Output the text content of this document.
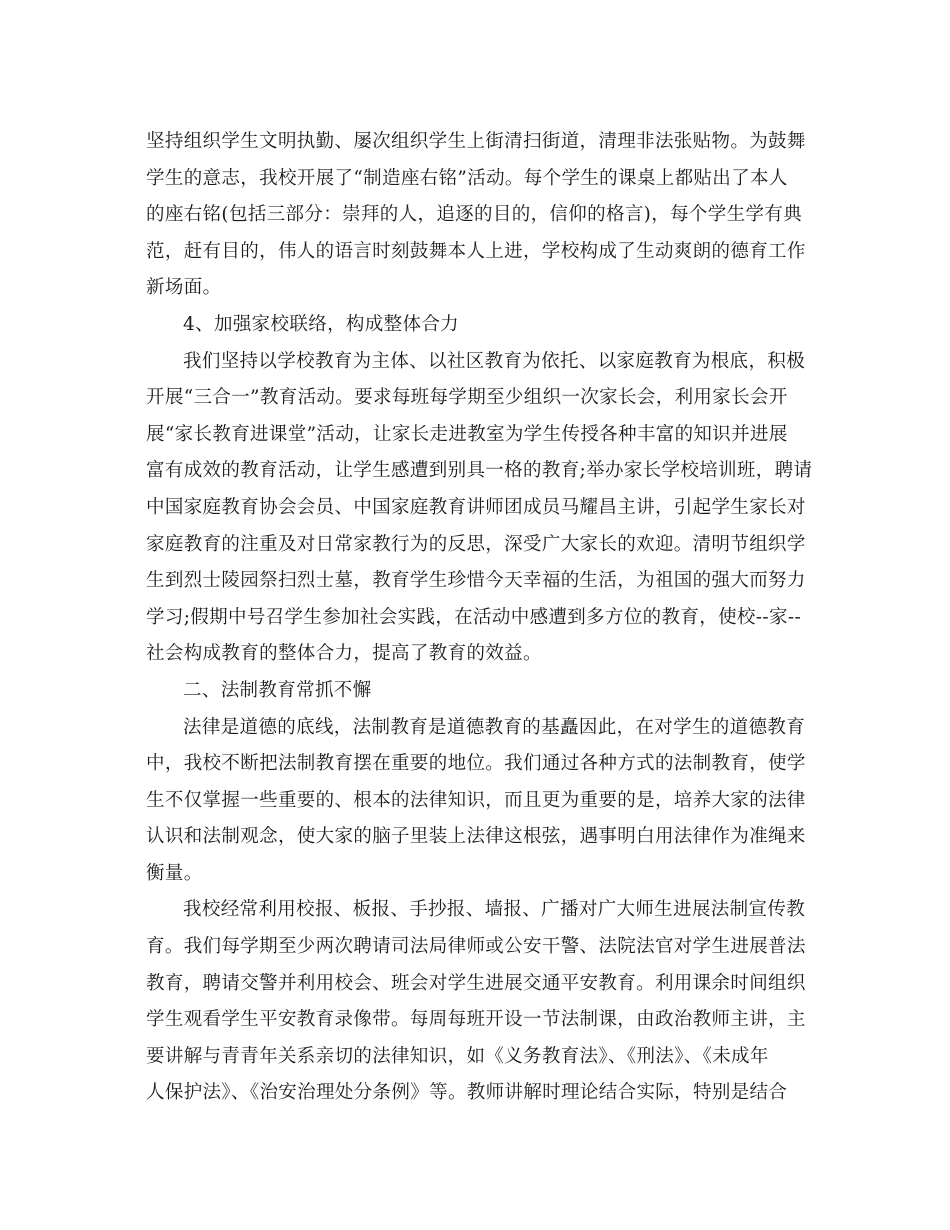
坚持组织学生文明执勤、屡次组织学生上街清扫街道，清理非法张贴物。为鼓舞
学生的意志，我校开展了“制造座右铭”活动。每个学生的课桌上都贴出了本人
的座右铭(包括三部分：崇拜的人，追逐的目的，信仰的格言)，每个学生学有典
范，赶有目的，伟人的语言时刻鼓舞本人上进，学校构成了生动爽朗的德育工作
新场面。
4、加强家校联络，构成整体合力
我们坚持以学校教育为主体、以社区教育为依托、以家庭教育为根底，积极
开展“三合一”教育活动。要求每班每学期至少组织一次家长会，利用家长会开
展“家长教育进课堂”活动，让家长走进教室为学生传授各种丰富的知识并进展
富有成效的教育活动，让学生感遭到别具一格的教育;举办家长学校培训班，聘请
中国家庭教育协会会员、中国家庭教育讲师团成员马耀昌主讲，引起学生家长对
家庭教育的注重及对日常家教行为的反思，深受广大家长的欢迎。清明节组织学
生到烈士陵园祭扫烈士墓，教育学生珍惜今天幸福的生活，为祖国的强大而努力
学习;假期中号召学生参加社会实践，在活动中感遭到多方位的教育，使校--家--
社会构成教育的整体合力，提高了教育的效益。
二、法制教育常抓不懈
法律是道德的底线，法制教育是道德教育的基矗因此，在对学生的道德教育
中，我校不断把法制教育摆在重要的地位。我们通过各种方式的法制教育，使学
生不仅掌握一些重要的、根本的法律知识，而且更为重要的是，培养大家的法律
认识和法制观念，使大家的脑子里装上法律这根弦，遇事明白用法律作为准绳来
衡量。
我校经常利用校报、板报、手抄报、墙报、广播对广大师生进展法制宣传教
育。我们每学期至少两次聘请司法局律师或公安干警、法院法官对学生进展普法
教育，聘请交警并利用校会、班会对学生进展交通平安教育。利用课余时间组织
学生观看学生平安教育录像带。每周每班开设一节法制课，由政治教师主讲，主
要讲解与青青年关系亲切的法律知识，如《义务教育法》、《刑法》、《未成年
人保护法》、《治安治理处分条例》等。教师讲解时理论结合实际，特别是结合
